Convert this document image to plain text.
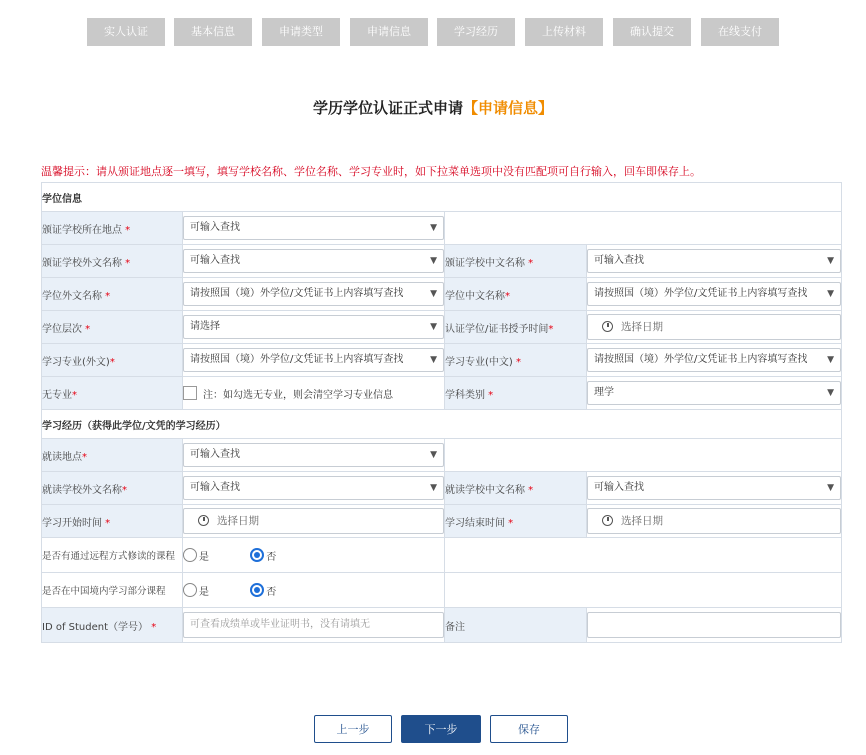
实人认证	基本信息	申请类型	申请信息	学习经历	上传材料	确认提交	在线支付
学历学位认证正式申请【申请信息】
温馨提示：请从颁证地点逐一填写，填写学校名称、学位名称、学习专业时，如下拉菜单选项中没有匹配项可自行输入，回车即保存上。
学位信息			
颁证学校所在地点 *	可输入查找 ▼		

颁证学校外文名称 *	可输入查找 ▼	颁证学校中文名称 *	可输入查找 ▼

学位外文名称 *	请按照国（境）外学位/文凭证书上内容填写查找 ▼	学位中文名称*	请按照国（境）外学位/文凭证书上内容填写查找 ▼

学位层次 *	请选择 ▼	认证学位/证书授予时间*	选择日期

学习专业(外文)*	请按照国（境）外学位/文凭证书上内容填写查找 ▼	学习专业(中文) *	请按照国（境）外学位/文凭证书上内容填写查找 ▼

无专业*	注：如勾选无专业，则会清空学习专业信息	学科类别 *	理学 ▼

学习经历（获得此学位/文凭的学习经历）			
就读地点*	可输入查找 ▼		

就读学校外文名称*	可输入查找 ▼	就读学校中文名称 *	可输入查找 ▼

学习开始时间 *	选择日期	学习结束时间 *	选择日期

是否有通过远程方式修读的课程	是 否		
是否在中国境内学习部分课程	是 否		
ID of Student（学号） *	可查看成绩单或毕业证明书，没有请填无	备注	
上一步	下一步	保存
